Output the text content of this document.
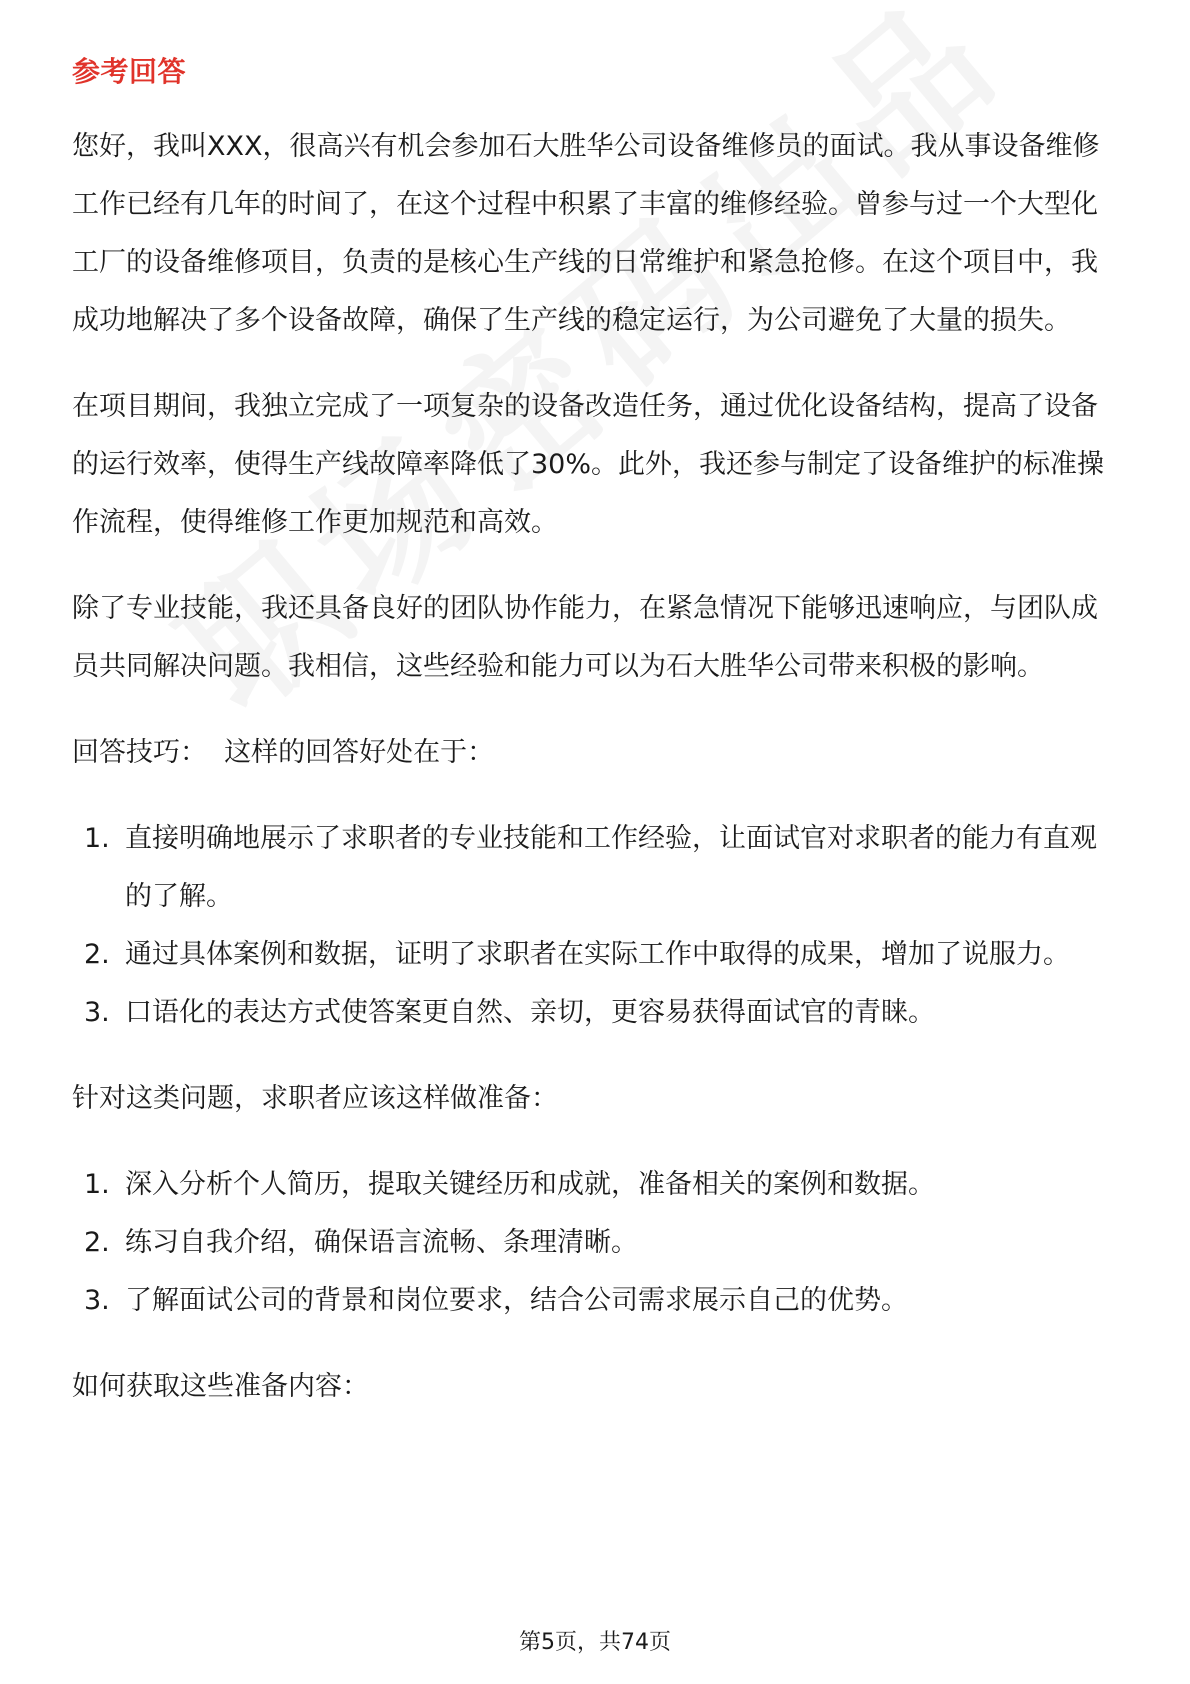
参考回答

您好，我叫XXX，很高兴有机会参加石大胜华公司设备维修员的面试。我从事设备维修工作已经有几年的时间了，在这个过程中积累了丰富的维修经验。曾参与过一个大型化工厂的设备维修项目，负责的是核心生产线的日常维护和紧急抢修。在这个项目中，我成功地解决了多个设备故障，确保了生产线的稳定运行，为公司避免了大量的损失。

在项目期间，我独立完成了一项复杂的设备改造任务，通过优化设备结构，提高了设备的运行效率，使得生产线故障率降低了30%。此外，我还参与制定了设备维护的标准操作流程，使得维修工作更加规范和高效。

除了专业技能，我还具备良好的团队协作能力，在紧急情况下能够迅速响应，与团队成员共同解决问题。我相信，这些经验和能力可以为石大胜华公司带来积极的影响。

回答技巧：  这样的回答好处在于：

1. 直接明确地展示了求职者的专业技能和工作经验，让面试官对求职者的能力有直观的了解。
2. 通过具体案例和数据，证明了求职者在实际工作中取得的成果，增加了说服力。
3. 口语化的表达方式使答案更自然、亲切，更容易获得面试官的青睐。

针对这类问题，求职者应该这样做准备：

1. 深入分析个人简历，提取关键经历和成就，准备相关的案例和数据。
2. 练习自我介绍，确保语言流畅、条理清晰。
3. 了解面试公司的背景和岗位要求，结合公司需求展示自己的优势。

如何获取这些准备内容：

第5页，共74页
